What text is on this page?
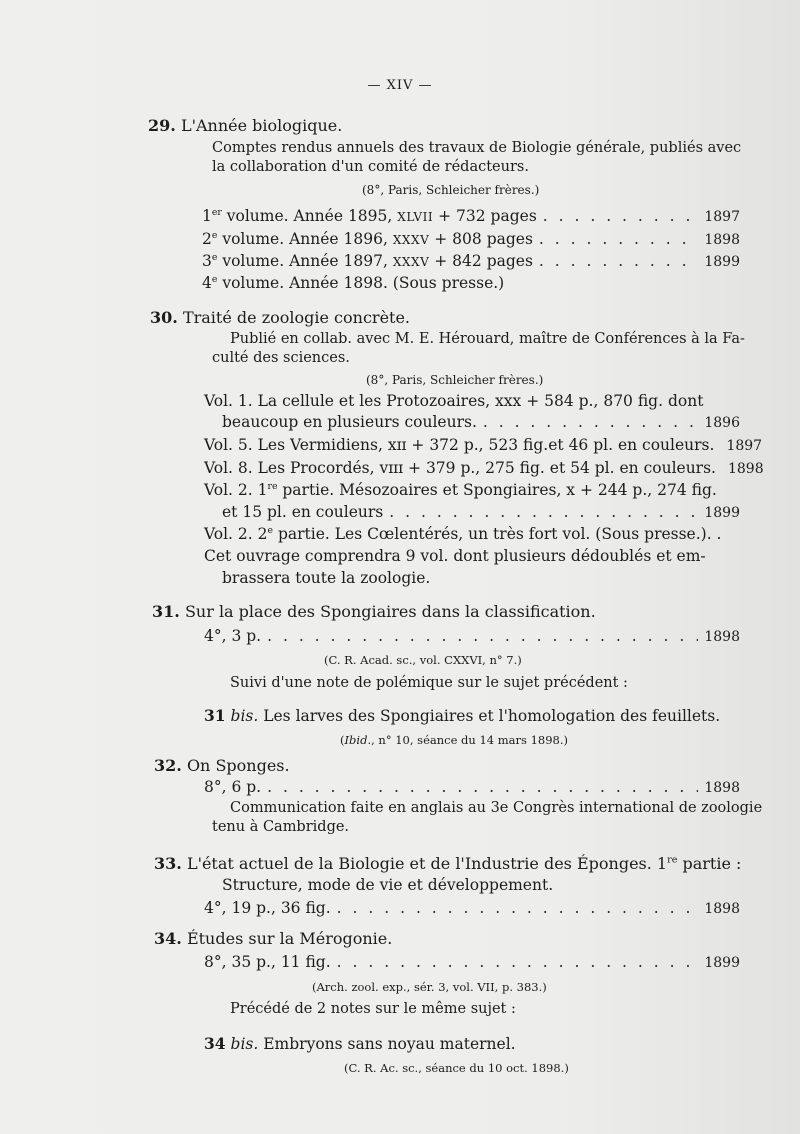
— XIV —
29. L'Année biologique.
Comptes rendus annuels des travaux de Biologie générale, publiés avec
la collaboration d'un comité de rédacteurs.
(8°, Paris, Schleicher frères.)
1er volume. Année 1895, XLVII + 732 pages . . .	1897
2e volume. Année 1896, XXXV + 808 pages . . .	1898
3e volume. Année 1897, XXXV + 842 pages . . .	1899
4e volume. Année 1898. (Sous presse.)
30. Traité de zoologie concrète.
Publié en collab. avec M. E. Hérouard, maître de Conférences à la Fa-
culté des sciences.
(8°, Paris, Schleicher frères.)
Vol. 1. La cellule et les Protozoaires, xxx + 584 p., 870 fig. dont
beaucoup en plusieurs couleurs. . . .	1896
Vol. 5. Les Vermidiens, xɪɪ + 372 p., 523 fig.et 46 pl. en couleurs. 1897
Vol. 8. Les Procordés, vɪɪɪ + 379 p., 275 fig. et 54 pl. en couleurs. 1898
Vol. 2. 1re partie. Mésozoaires et Spongiaires, x + 244 p., 274 fig.
et 15 pl. en couleurs . . .	1899
Vol. 2. 2e partie. Les Cœlentérés, un très fort vol. (Sous presse.). .
Cet ouvrage comprendra 9 vol. dont plusieurs dédoublés et em-
brassera toute la zoologie.
31. Sur la place des Spongiaires dans la classification.
4°, 3 p. . . .	1898
(C. R. Acad. sc., vol. CXXVI, n° 7.)
Suivi d'une note de polémique sur le sujet précédent :
31 bis. Les larves des Spongiaires et l'homologation des feuillets.
(Ibid., n° 10, séance du 14 mars 1898.)
32. On Sponges.
8°, 6 p. . . .	1898
Communication faite en anglais au 3e Congrès international de zoologie
tenu à Cambridge.
33. L'état actuel de la Biologie et de l'Industrie des Éponges. 1re partie :
Structure, mode de vie et développement.
4°, 19 p., 36 fig. . . .	1898
34. Études sur la Mérogonie.
8°, 35 p., 11 fig. . . .	1899
(Arch. zool. exp., sér. 3, vol. VII, p. 383.)
Précédé de 2 notes sur le même sujet :
34 bis. Embryons sans noyau maternel.
(C. R. Ac. sc., séance du 10 oct. 1898.)
